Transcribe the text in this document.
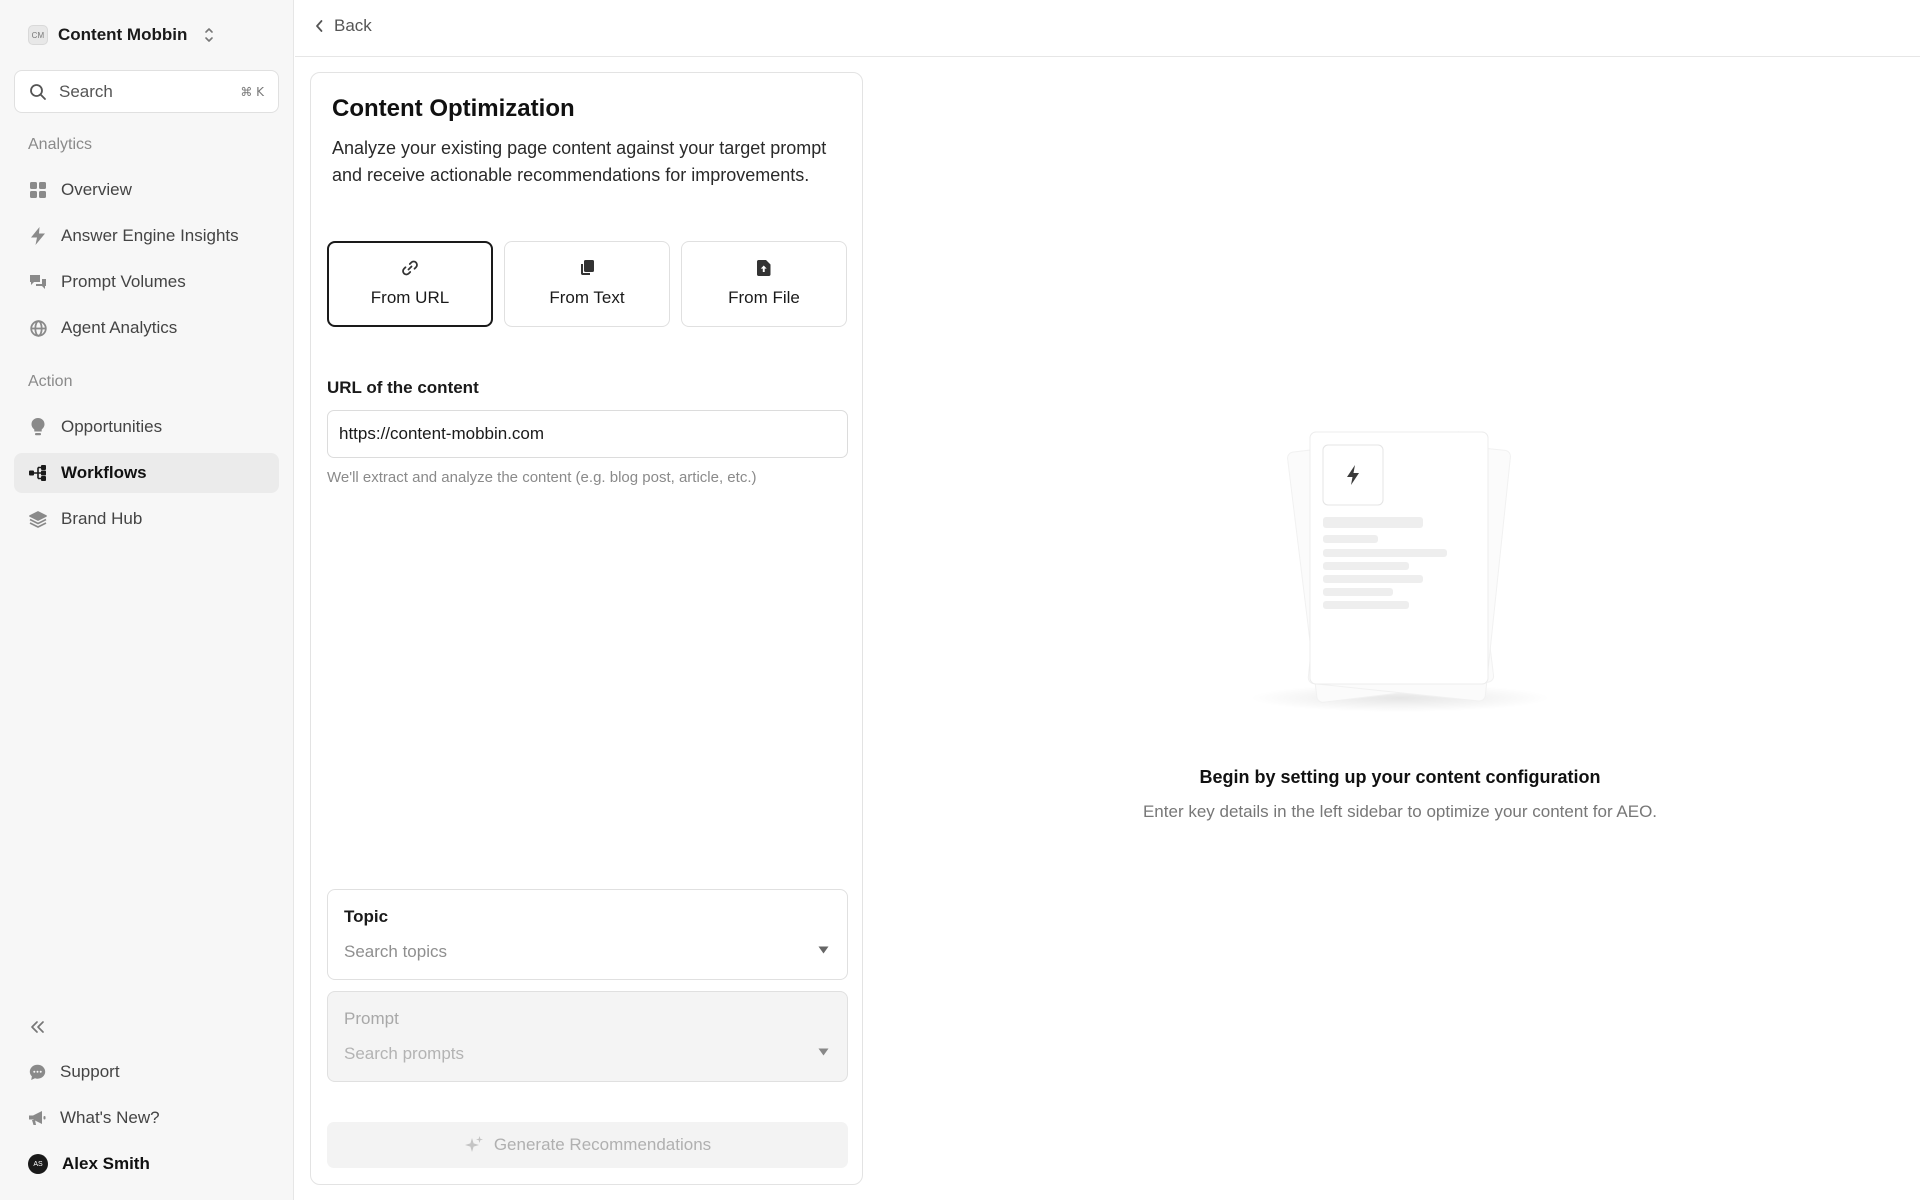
CM Content Mobbin
Search	⌘ K
Analytics
Overview
Answer Engine Insights
Prompt Volumes
Agent Analytics
Action
Opportunities
Workflows
Brand Hub
Support
What's New?
AS	Alex Smith
Back
Content Optimization

Analyze your existing page content against your target prompt and receive actionable recommendations for improvements.

From URL	From Text	From File
URL of the content
https://content-mobbin.com

We'll extract and analyze the content (e.g. blog post, article, etc.)

Topic
Search topics
Prompt
Search prompts
Generate Recommendations
Begin by setting up your content configuration
Enter key details in the left sidebar to optimize your content for AEO.
